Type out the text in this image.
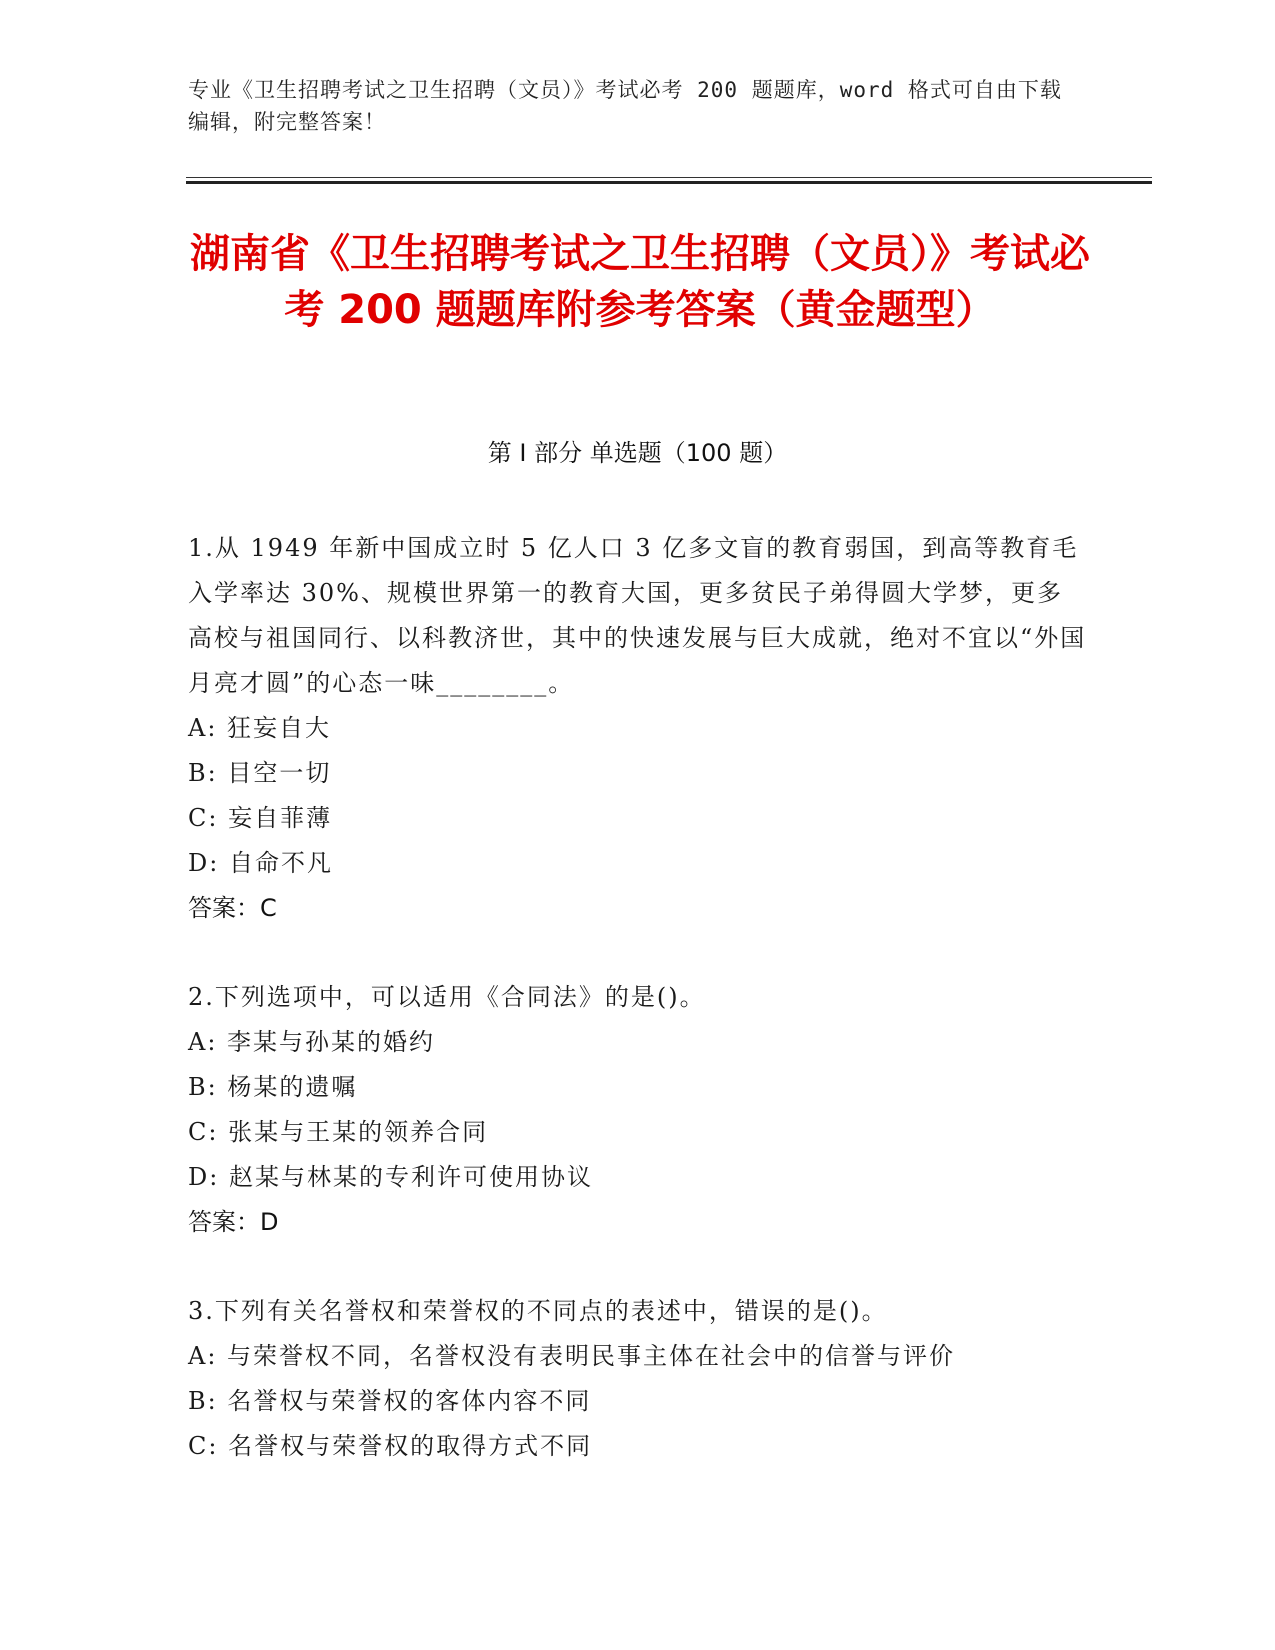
专业《卫生招聘考试之卫生招聘（文员）》考试必考 200 题题库，word 格式可自由下载编辑，附完整答案！
湖南省《卫生招聘考试之卫生招聘（文员）》考试必考 200 题题库附参考答案（黄金题型）
第 I 部分 单选题（100 题）
1.从 1949 年新中国成立时 5 亿人口 3 亿多文盲的教育弱国，到高等教育毛入学率达 30%、规模世界第一的教育大国，更多贫民子弟得圆大学梦，更多高校与祖国同行、以科教济世，其中的快速发展与巨大成就，绝对不宜以“外国月亮才圆”的心态一味________。
A: 狂妄自大
B: 目空一切
C: 妄自菲薄
D: 自命不凡
答案：C
2.下列选项中，可以适用《合同法》的是()。
A: 李某与孙某的婚约
B: 杨某的遗嘱
C: 张某与王某的领养合同
D: 赵某与林某的专利许可使用协议
答案：D
3.下列有关名誉权和荣誉权的不同点的表述中，错误的是()。
A: 与荣誉权不同，名誉权没有表明民事主体在社会中的信誉与评价
B: 名誉权与荣誉权的客体内容不同
C: 名誉权与荣誉权的取得方式不同
